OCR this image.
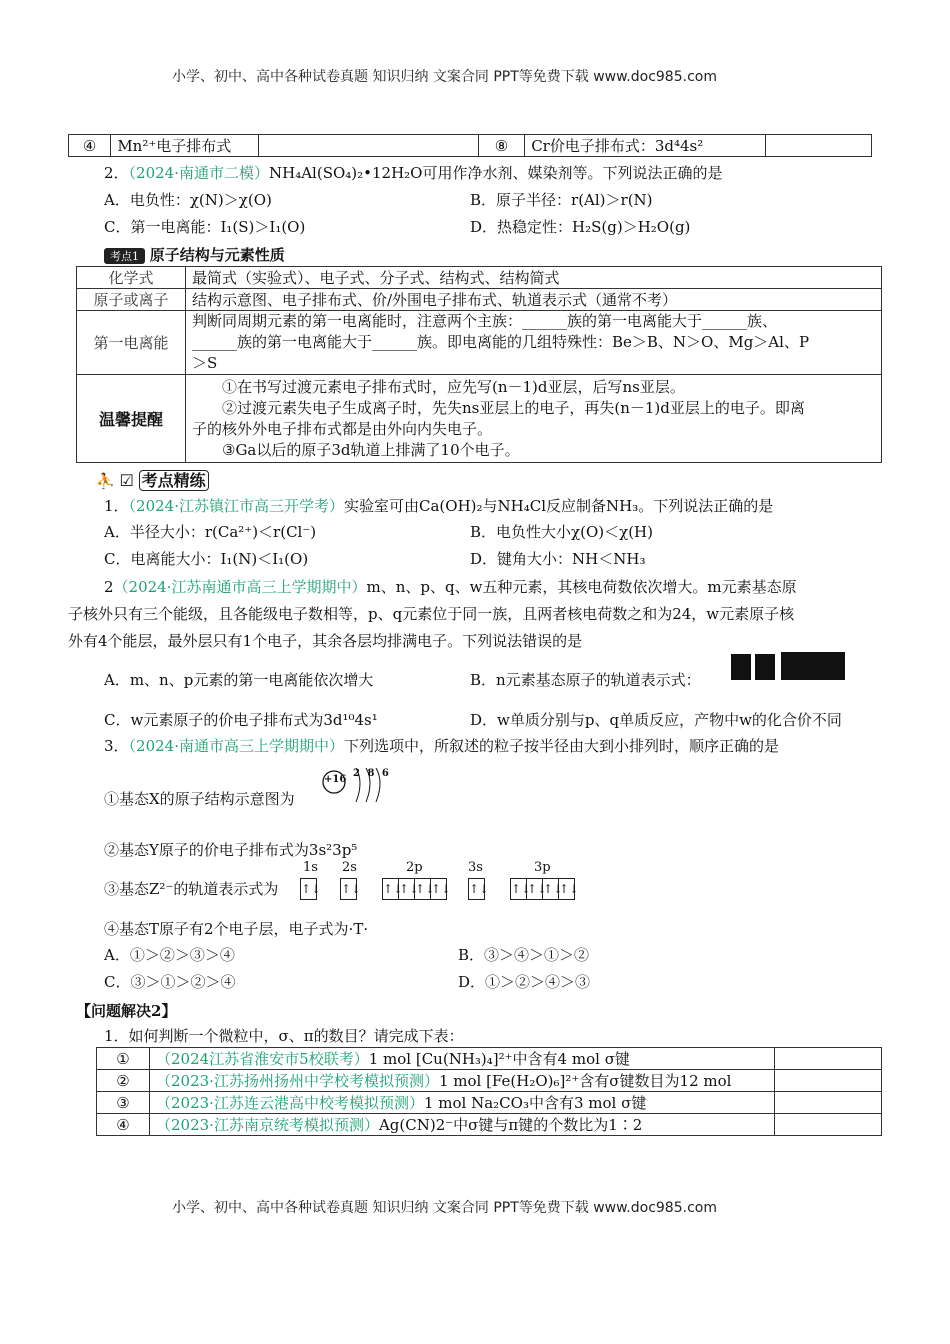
小学、初中、高中各种试卷真题 知识归纳 文案合同 PPT等免费下载 www.doc985.com
④	Mn²⁺电子排布式		⑧	Cr价电子排布式：3d⁴4s²	
2．（2024·南通市二模）NH₄Al(SO₄)₂•12H₂O可用作净水剂、媒染剂等。下列说法正确的是
A．电负性：χ(N)＞χ(O)	B．原子半径：r(Al)＞r(N)
C．第一电离能：I₁(S)＞I₁(O)	D．热稳定性：H₂S(g)＞H₂O(g)
考点1 原子结构与元素性质
化学式	最简式（实验式）、电子式、分子式、结构式、结构简式
原子或离子	结构示意图、电子排布式、价/外围电子排布式、轨道表示式（通常不考）
第一电离能	判断同周期元素的第一电离能时，注意两个主族：______族的第一电离能大于______族、
______族的第一电离能大于______族。即电离能的几组特殊性：Be＞B、N＞O、Mg＞Al、P
＞S

温馨提醒	①在书写过渡元素电子排布式时，应先写(n－1)d亚层，后写ns亚层。
②过渡元素失电子生成离子时，先失ns亚层上的电子，再失(n－1)d亚层上的电子。即离
子的核外外电子排布式都是由外向内失电子。
③Ga以后的原子3d轨道上排满了10个电子。
⛹ ☑ 考点精练
1．（2024·江苏镇江市高三开学考）实验室可由Ca(OH)₂与NH₄Cl反应制备NH₃。下列说法正确的是
A．半径大小：r(Ca²⁺)＜r(Cl⁻)	B．电负性大小χ(O)＜χ(H)
C．电离能大小：I₁(N)＜I₁(O)	D．键角大小：NH＜NH₃
2（2024·江苏南通市高三上学期期中）m、n、p、q、w五种元素，其核电荷数依次增大。m元素基态原
子核外只有三个能级，且各能级电子数相等，p、q元素位于同一族，且两者核电荷数之和为24，w元素原子核
外有4个能层，最外层只有1个电子，其余各层均排满电子。下列说法错误的是
A．m、n、p元素的第一电离能依次增大	B．n元素基态原子的轨道表示式：
C．w元素原子的价电子排布式为3d¹⁰4s¹	D．w单质分别与p、q单质反应，产物中w的化合价不同
3．（2024·南通市高三上学期期中）下列选项中，所叙述的粒子按半径由大到小排列时，顺序正确的是
①基态X的原子结构示意图为
+16
2 8 6
②基态Y原子的价电子排布式为3s²3p⁵
③基态Z²⁻的轨道表示式为
1s 2s	2p	3s	3p
↑↓ ↑↓ ↑↓↑↓↑↓↑↓ ↑↓ ↑↓↑↓↑↓↑↓
④基态T原子有2个电子层，电子式为·T·
A．①＞②＞③＞④	B．③＞④＞①＞②
C．③＞①＞②＞④	D．①＞②＞④＞③
【问题解决2】
1．如何判断一个微粒中，σ、π的数目？请完成下表：
①	（2024江苏省淮安市5校联考）1 mol [Cu(NH₃)₄]²⁺中含有4 mol σ键	
②	（2023·江苏扬州扬州中学校考模拟预测）1 mol [Fe(H₂O)₆]²⁺含有σ键数目为12 mol	
③	（2023·江苏连云港高中校考模拟预测）1 mol Na₂CO₃中含有3 mol σ键	
④	（2023·江苏南京统考模拟预测）Ag(CN)2⁻中σ键与π键的个数比为1∶2	
小学、初中、高中各种试卷真题 知识归纳 文案合同 PPT等免费下载 www.doc985.com
